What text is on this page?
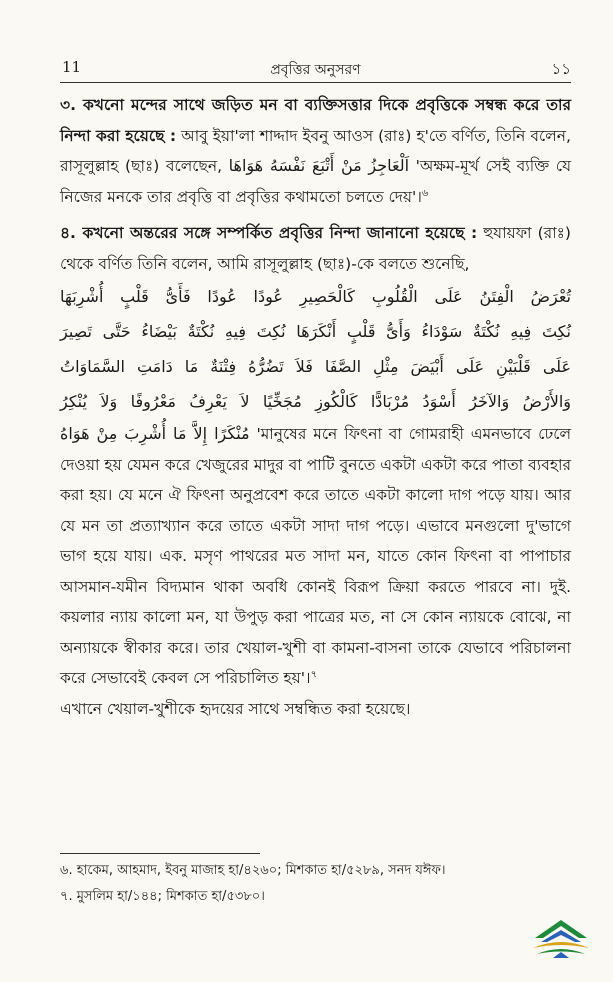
11	প্রবৃত্তির অনুসরণ	১১

৩. কখনো মন্দের সাথে জড়িত মন বা ব্যক্তিসত্তার দিকে প্রবৃত্তিকে সম্বন্ধ করে তার নিন্দা করা হয়েছে : আবু ইয়া'লা শাদ্দাদ ইবনু আওস (রাঃ) হ'তে বর্ণিত, তিনি বলেন, রাসূলুল্লাহ (ছাঃ) বলেছেন, اَلْعَاجِزُ مَنْ أَتْبَعَ نَفْسَهُ هَوَاهَا 'অক্ষম-মূর্খ সেই ব্যক্তি যে নিজের মনকে তার প্রবৃত্তি বা প্রবৃত্তির কথামতো চলতে দেয়'।$^৬$

৪. কখনো অন্তরের সঙ্গে সম্পর্কিত প্রবৃত্তির নিন্দা জানানো হয়েছে : হুযায়ফা (রাঃ) থেকে বর্ণিত তিনি বলেন, আমি রাসূলুল্লাহ (ছাঃ)-কে বলতে শুনেছি,

تُعْرَضُ الْفِتَنُ عَلَى الْقُلُوبِ كَالْحَصِيرِ عُودًا عُودًا فَأَىُّ قَلْبٍ أُشْرِبَهَا

نُكِتَ فِيهِ نُكْتَةٌ سَوْدَاءُ وَأَىُّ قَلْبٍ أَنْكَرَهَا نُكِتَ فِيهِ نُكْتَةٌ بَيْضَاءُ حَتَّى تَصِيرَ

عَلَى قَلْبَيْنِ عَلَى أَبْيَضَ مِثْلِ الصَّفَا فَلاَ تَضُرُّهُ فِتْنَةٌ مَا دَامَتِ السَّمَاوَاتُ

وَالأَرْضُ وَالآخَرُ أَسْوَدُ مُرْبَادًّا كَالْكُوزِ مُجَخِّيًا لاَ يَعْرِفُ مَعْرُوفًا وَلاَ يُنْكِرُ

مُنْكَرًا إِلاَّ مَا أُشْرِبَ مِنْ هَوَاهُ 'মানুষের মনে ফিৎনা বা গোমরাহী এমনভাবে ঢেলে দেওয়া হয় যেমন করে খেজুরের মাদুর বা পাটি বুনতে একটা একটা করে পাতা ব্যবহার করা হয়। যে মনে ঐ ফিৎনা অনুপ্রবেশ করে তাতে একটা কালো দাগ পড়ে যায়। আর যে মন তা প্রত্যাখ্যান করে তাতে একটা সাদা দাগ পড়ে। এভাবে মনগুলো দু'ভাগে ভাগ হয়ে যায়। এক. মসৃণ পাথরের মত সাদা মন, যাতে কোন ফিৎনা বা পাপাচার আসমান-যমীন বিদ্যমান থাকা অবধি কোনই বিরূপ ক্রিয়া করতে পারবে না। দুই. কয়লার ন্যায় কালো মন, যা উপুড় করা পাত্রের মত, না সে কোন ন্যায়কে বোঝে, না অন্যায়কে স্বীকার করে। তার খেয়াল-খুশী বা কামনা-বাসনা তাকে যেভাবে পরিচালনা করে সেভাবেই কেবল সে পরিচালিত হয়'।$^৭$

এখানে খেয়াল-খুশীকে হৃদয়ের সাথে সম্বন্ধিত করা হয়েছে।

৬. হাকেম, আহমাদ, ইবনু মাজাহ হা/৪২৬০; মিশকাত হা/৫২৮৯, সনদ যঈফ।

৭. মুসলিম হা/১৪৪; মিশকাত হা/৫৩৮০।
